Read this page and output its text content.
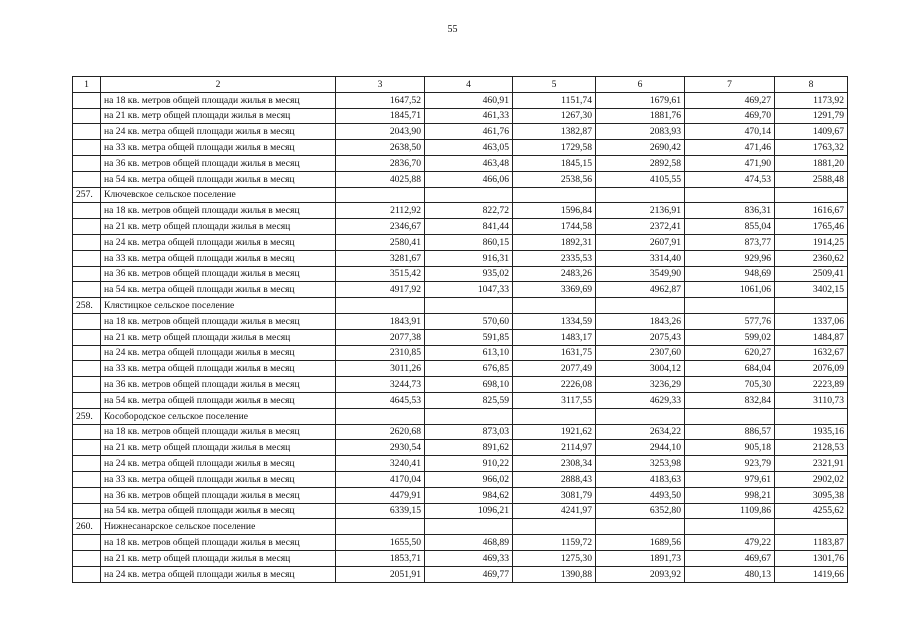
55
1	2	3	4	5	6	7	8
	на 18 кв. метров общей площади жилья в месяц	1647,52	460,91	1151,74	1679,61	469,27	1173,92
	на 21 кв. метр общей площади жилья в месяц	1845,71	461,33	1267,30	1881,76	469,70	1291,79
	на 24 кв. метра общей площади жилья в месяц	2043,90	461,76	1382,87	2083,93	470,14	1409,67
	на 33 кв. метра общей площади жилья в месяц	2638,50	463,05	1729,58	2690,42	471,46	1763,32
	на 36 кв. метров общей площади жилья в месяц	2836,70	463,48	1845,15	2892,58	471,90	1881,20
	на 54 кв. метра общей площади жилья в месяц	4025,88	466,06	2538,56	4105,55	474,53	2588,48
257.	Ключевское сельское поселение						
	на 18 кв. метров общей площади жилья в месяц	2112,92	822,72	1596,84	2136,91	836,31	1616,67
	на 21 кв. метр общей площади жилья в месяц	2346,67	841,44	1744,58	2372,41	855,04	1765,46
	на 24 кв. метра общей площади жилья в месяц	2580,41	860,15	1892,31	2607,91	873,77	1914,25
	на 33 кв. метра общей площади жилья в месяц	3281,67	916,31	2335,53	3314,40	929,96	2360,62
	на 36 кв. метров общей площади жилья в месяц	3515,42	935,02	2483,26	3549,90	948,69	2509,41
	на 54 кв. метра общей площади жилья в месяц	4917,92	1047,33	3369,69	4962,87	1061,06	3402,15
258.	Клястицкое сельское поселение						
	на 18 кв. метров общей площади жилья в месяц	1843,91	570,60	1334,59	1843,26	577,76	1337,06
	на 21 кв. метр общей площади жилья в месяц	2077,38	591,85	1483,17	2075,43	599,02	1484,87
	на 24 кв. метра общей площади жилья в месяц	2310,85	613,10	1631,75	2307,60	620,27	1632,67
	на 33 кв. метра общей площади жилья в месяц	3011,26	676,85	2077,49	3004,12	684,04	2076,09
	на 36 кв. метров общей площади жилья в месяц	3244,73	698,10	2226,08	3236,29	705,30	2223,89
	на 54 кв. метра общей площади жилья в месяц	4645,53	825,59	3117,55	4629,33	832,84	3110,73
259.	Кособородское сельское поселение						
	на 18 кв. метров общей площади жилья в месяц	2620,68	873,03	1921,62	2634,22	886,57	1935,16
	на 21 кв. метр общей площади жилья в месяц	2930,54	891,62	2114,97	2944,10	905,18	2128,53
	на 24 кв. метра общей площади жилья в месяц	3240,41	910,22	2308,34	3253,98	923,79	2321,91
	на 33 кв. метра общей площади жилья в месяц	4170,04	966,02	2888,43	4183,63	979,61	2902,02
	на 36 кв. метров общей площади жилья в месяц	4479,91	984,62	3081,79	4493,50	998,21	3095,38
	на 54 кв. метра общей площади жилья в месяц	6339,15	1096,21	4241,97	6352,80	1109,86	4255,62
260.	Нижнесанарское сельское поселение						
	на 18 кв. метров общей площади жилья в месяц	1655,50	468,89	1159,72	1689,56	479,22	1183,87
	на 21 кв. метр общей площади жилья в месяц	1853,71	469,33	1275,30	1891,73	469,67	1301,76
	на 24 кв. метра общей площади жилья в месяц	2051,91	469,77	1390,88	2093,92	480,13	1419,66
